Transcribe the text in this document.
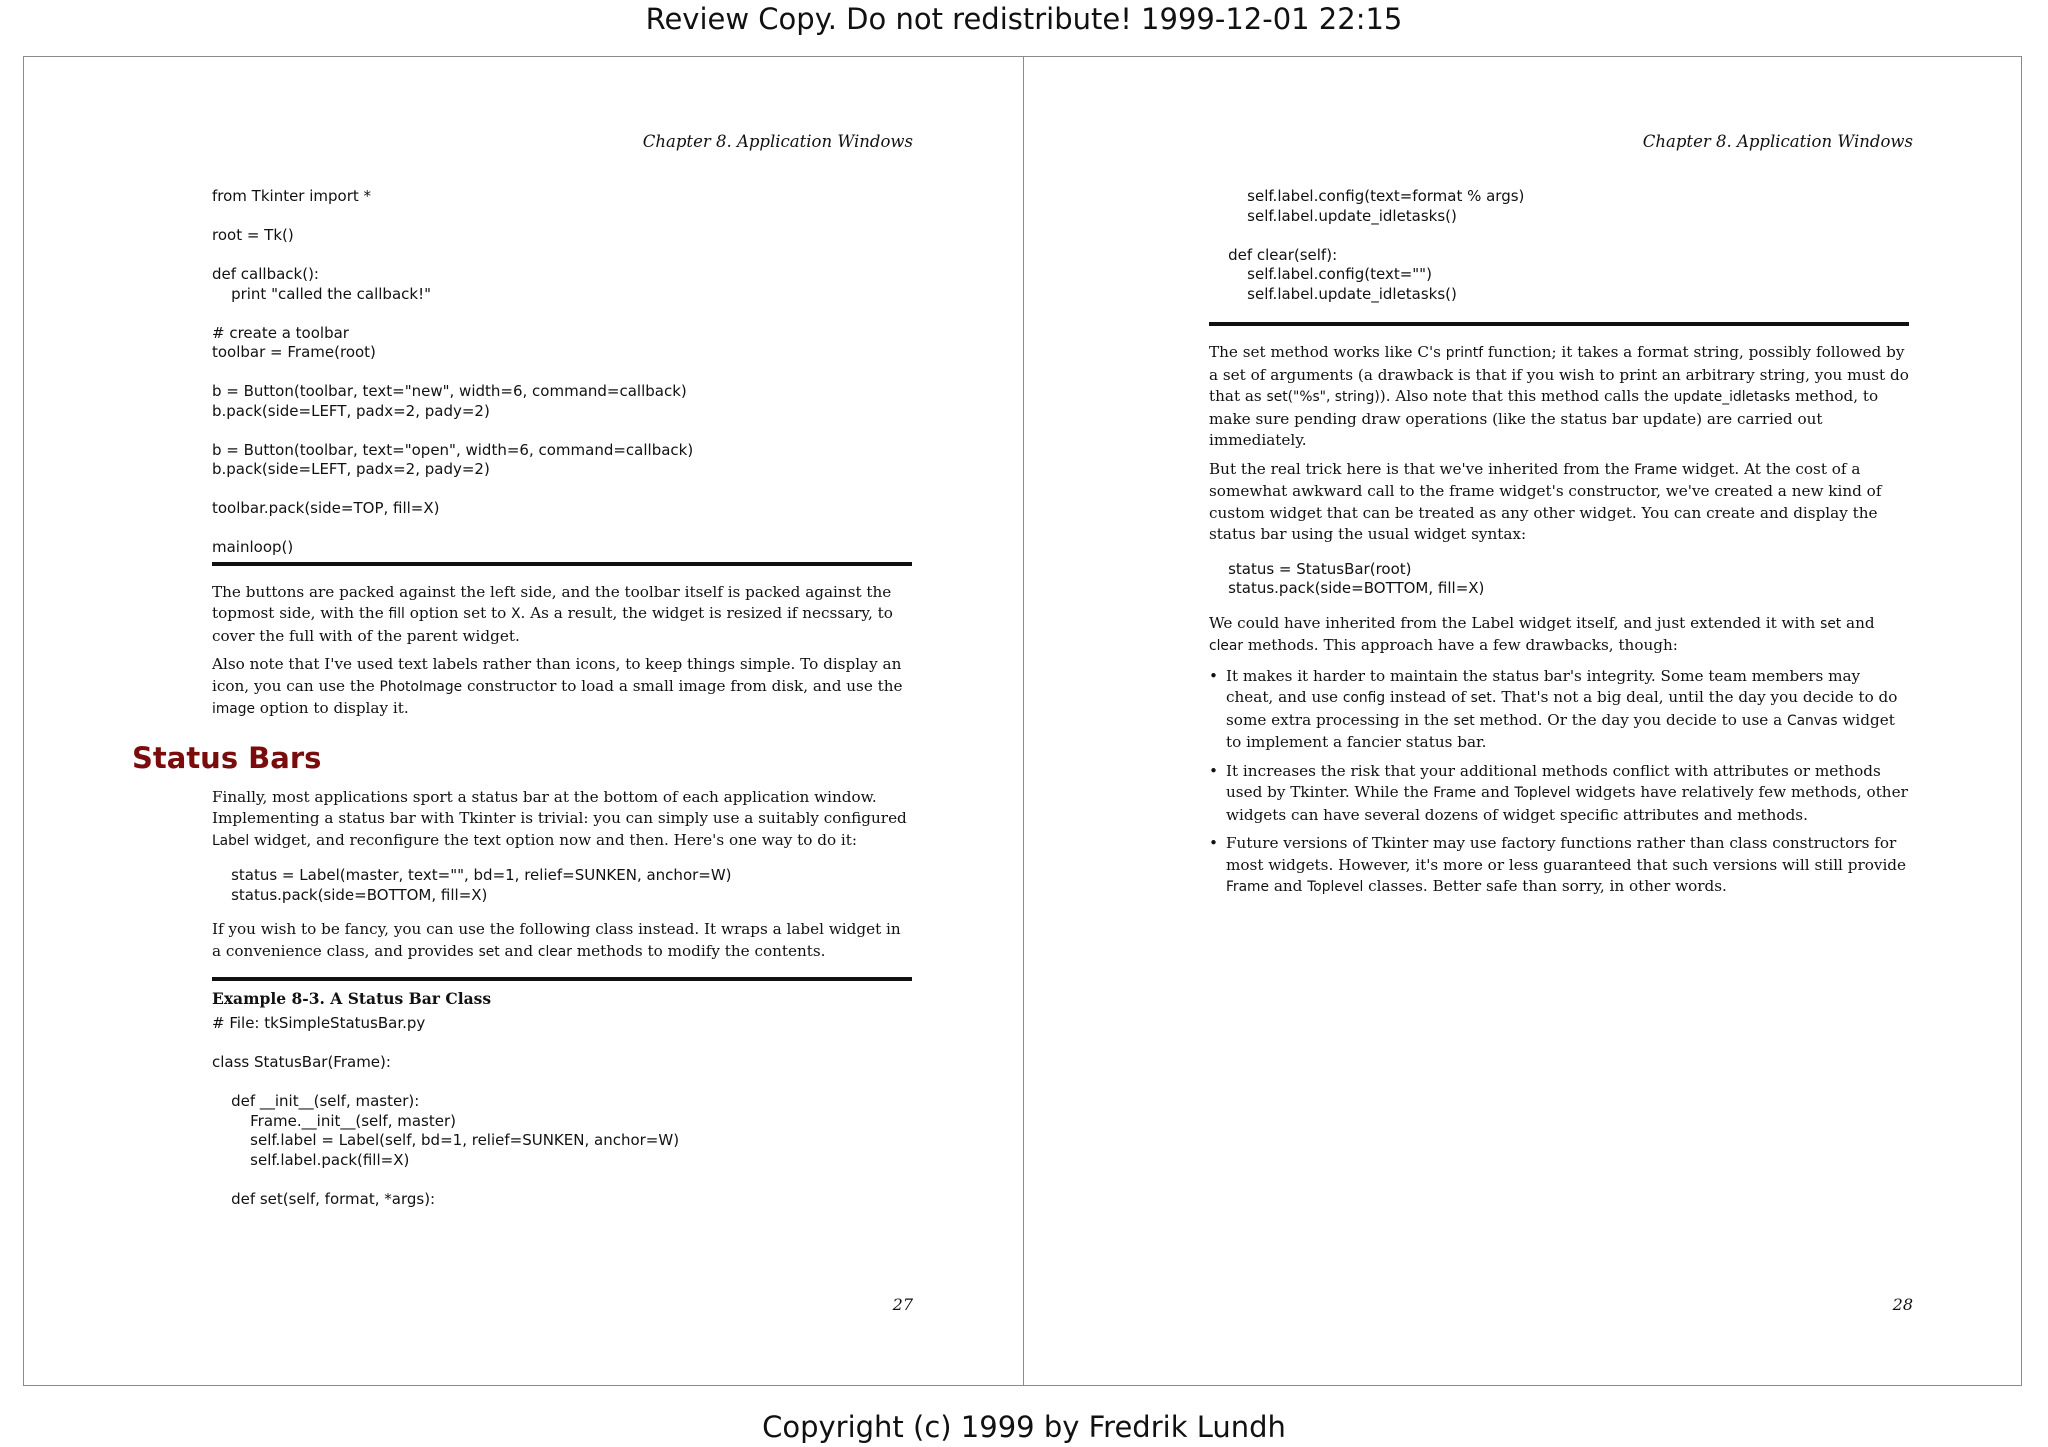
Review Copy. Do not redistribute! 1999-12-01 22:15
Chapter 8. Application Windows
from Tkinter import *

root = Tk()

def callback():
print "called the callback!"

# create a toolbar
toolbar = Frame(root)

b = Button(toolbar, text="new", width=6, command=callback)
b.pack(side=LEFT, padx=2, pady=2)

b = Button(toolbar, text="open", width=6, command=callback)
b.pack(side=LEFT, padx=2, pady=2)

toolbar.pack(side=TOP, fill=X)

mainloop()

The buttons are packed against the left side, and the toolbar itself is packed against the topmost side, with the fill option set to X. As a result, the widget is resized if necssary, to cover the full with of the parent widget.

Also note that I've used text labels rather than icons, to keep things simple. To display an icon, you can use the PhotoImage constructor to load a small image from disk, and use the image option to display it.

Status Bars

Finally, most applications sport a status bar at the bottom of each application window. Implementing a status bar with Tkinter is trivial: you can simply use a suitably configured Label widget, and reconfigure the text option now and then. Here's one way to do it:

status = Label(master, text="", bd=1, relief=SUNKEN, anchor=W)
status.pack(side=BOTTOM, fill=X)

If you wish to be fancy, you can use the following class instead. It wraps a label widget in a convenience class, and provides set and clear methods to modify the contents.

Example 8-3. A Status Bar Class

# File: tkSimpleStatusBar.py

class StatusBar(Frame):

def __init__(self, master):
Frame.__init__(self, master)
self.label = Label(self, bd=1, relief=SUNKEN, anchor=W)
self.label.pack(fill=X)

def set(self, format, *args):
27
Chapter 8. Application Windows
self.label.config(text=format % args)
self.label.update_idletasks()

def clear(self):
self.label.config(text="")
self.label.update_idletasks()

The set method works like C's printf function; it takes a format string, possibly followed by a set of arguments (a drawback is that if you wish to print an arbitrary string, you must do that as set("%s", string)). Also note that this method calls the update_idletasks method, to make sure pending draw operations (like the status bar update) are carried out immediately.

But the real trick here is that we've inherited from the Frame widget. At the cost of a somewhat awkward call to the frame widget's constructor, we've created a new kind of custom widget that can be treated as any other widget. You can create and display the status bar using the usual widget syntax:

status = StatusBar(root)
status.pack(side=BOTTOM, fill=X)

We could have inherited from the Label widget itself, and just extended it with set and clear methods. This approach have a few drawbacks, though:

• It makes it harder to maintain the status bar's integrity. Some team members may cheat, and use config instead of set. That's not a big deal, until the day you decide to do some extra processing in the set method. Or the day you decide to use a Canvas widget to implement a fancier status bar.
• It increases the risk that your additional methods conflict with attributes or methods used by Tkinter. While the Frame and Toplevel widgets have relatively few methods, other widgets can have several dozens of widget specific attributes and methods.
• Future versions of Tkinter may use factory functions rather than class constructors for most widgets. However, it's more or less guaranteed that such versions will still provide Frame and Toplevel classes. Better safe than sorry, in other words.
28
Copyright (c) 1999 by Fredrik Lundh
